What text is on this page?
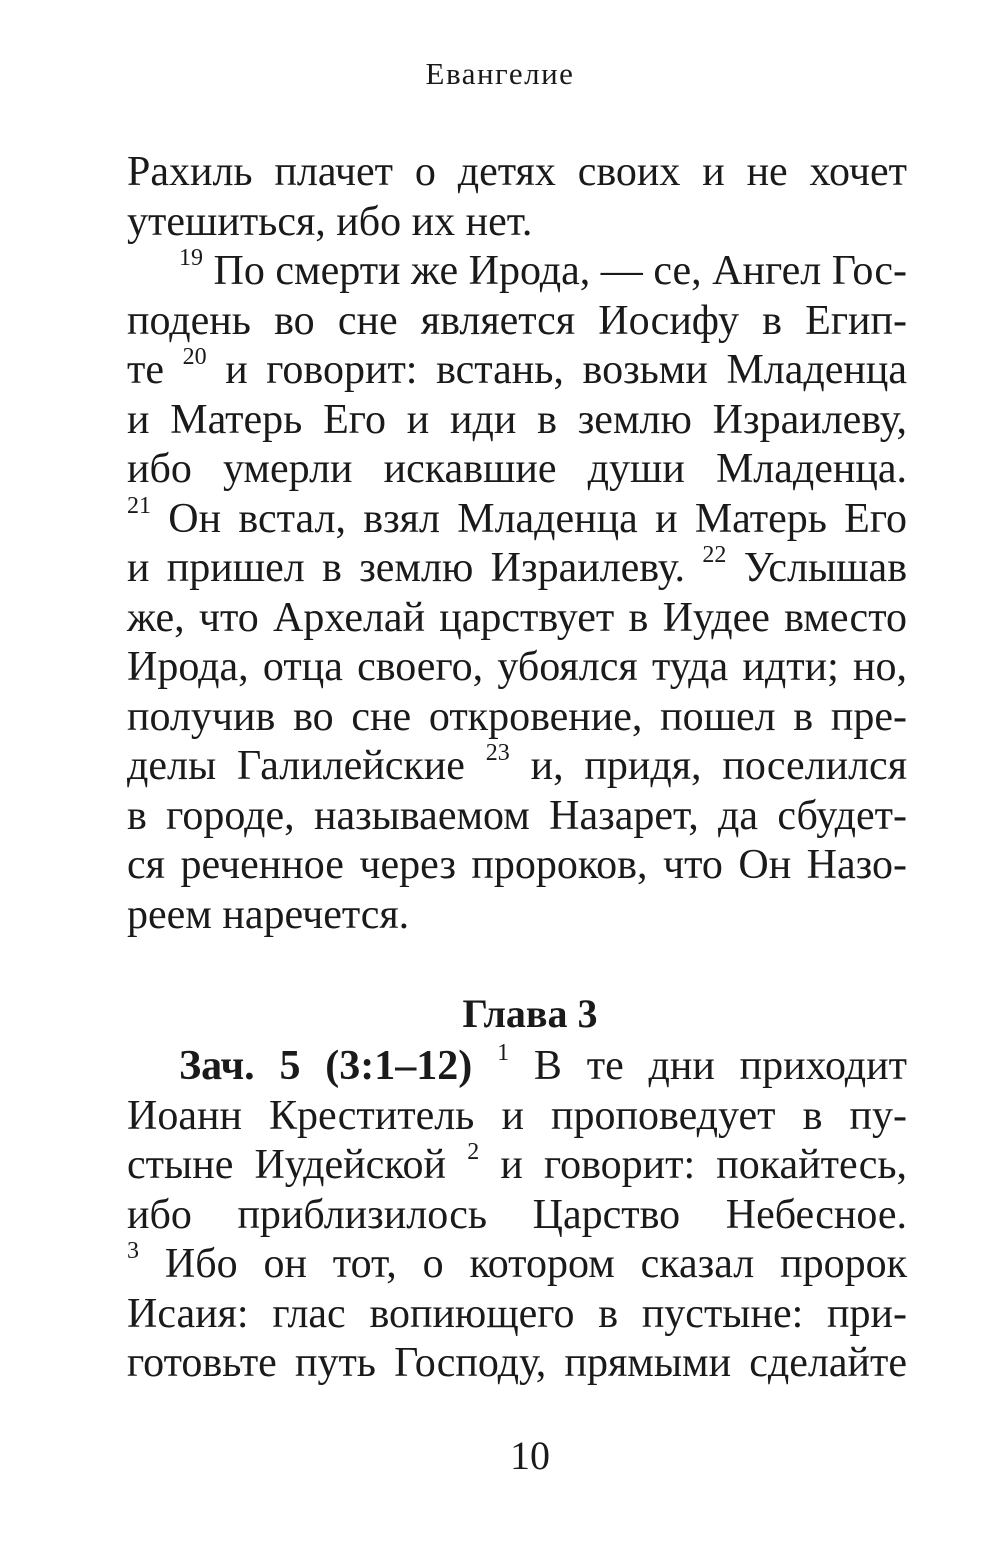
Евангелие
Рахиль плачет о детях своих и не хочет
утешиться, ибо их нет.
$^{19}$ По смерти же Ирода, — се, Ангел Гос-
подень во сне является Иосифу в Егип-
те $^{20}$ и говорит: встань, возьми Младенца
и Матерь Его и иди в землю Израилеву,
ибо умерли искавшие души Младенца.
$^{21}$ Он встал, взял Младенца и Матерь Его
и пришел в землю Израилеву. $^{22}$ Услышав
же, что Архелай царствует в Иудее вместо
Ирода, отца своего, убоялся туда идти; но,
получив во сне откровение, пошел в пре-
делы Галилейские $^{23}$ и, придя, поселился
в городе, называемом Назарет, да сбудет-
ся реченное через пророков, что Он Назо-
реем наречется.
Глава 3
Зач. 5 (3:1–12) $^1$ В те дни приходит
Иоанн Креститель и проповедует в пу-
стыне Иудейской $^2$ и говорит: покайтесь,
ибо приблизилось Царство Небесное.
$^3$ Ибо он тот, о котором сказал пророк
Исаия: глас вопиющего в пустыне: при-
готовьте путь Господу, прямыми сделайте
10
